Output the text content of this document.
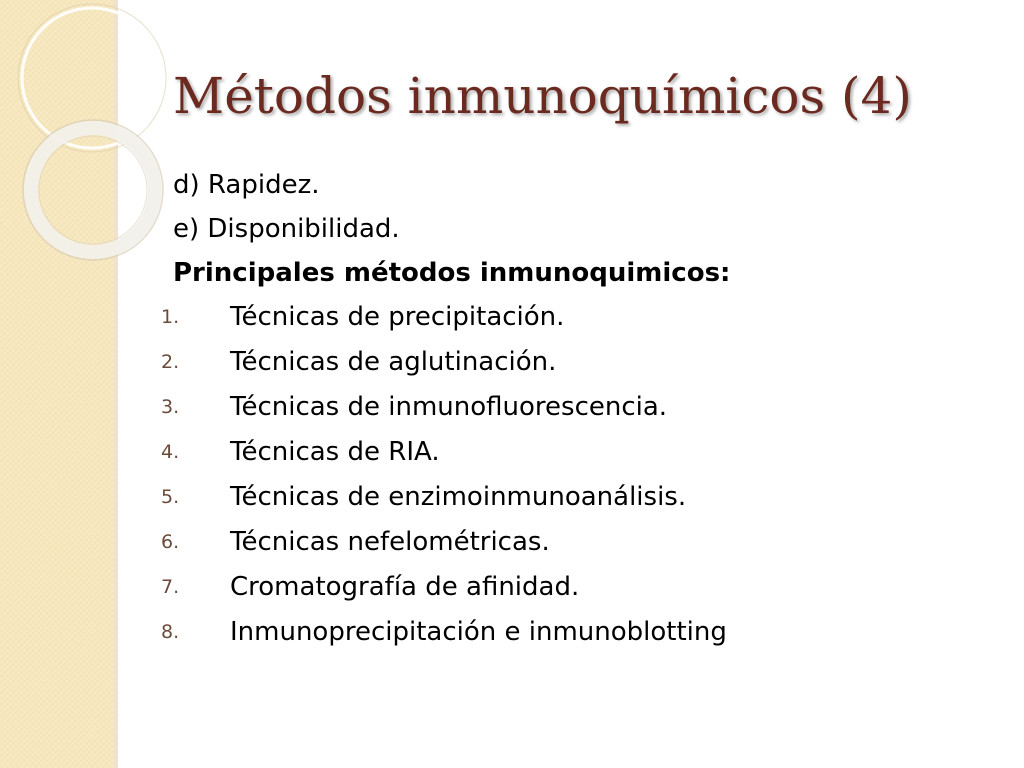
Métodos inmunoquímicos (4)
d) Rapidez.
e) Disponibilidad.
Principales métodos inmunoquimicos:
1.	Técnicas de precipitación.
2.	Técnicas de aglutinación.
3.	Técnicas de inmunofluorescencia.
4.	Técnicas de RIA.
5.	Técnicas de enzimoinmunoanálisis.
6.	Técnicas nefelométricas.
7.	Cromatografía de afinidad.
8.	Inmunoprecipitación e inmunoblotting
